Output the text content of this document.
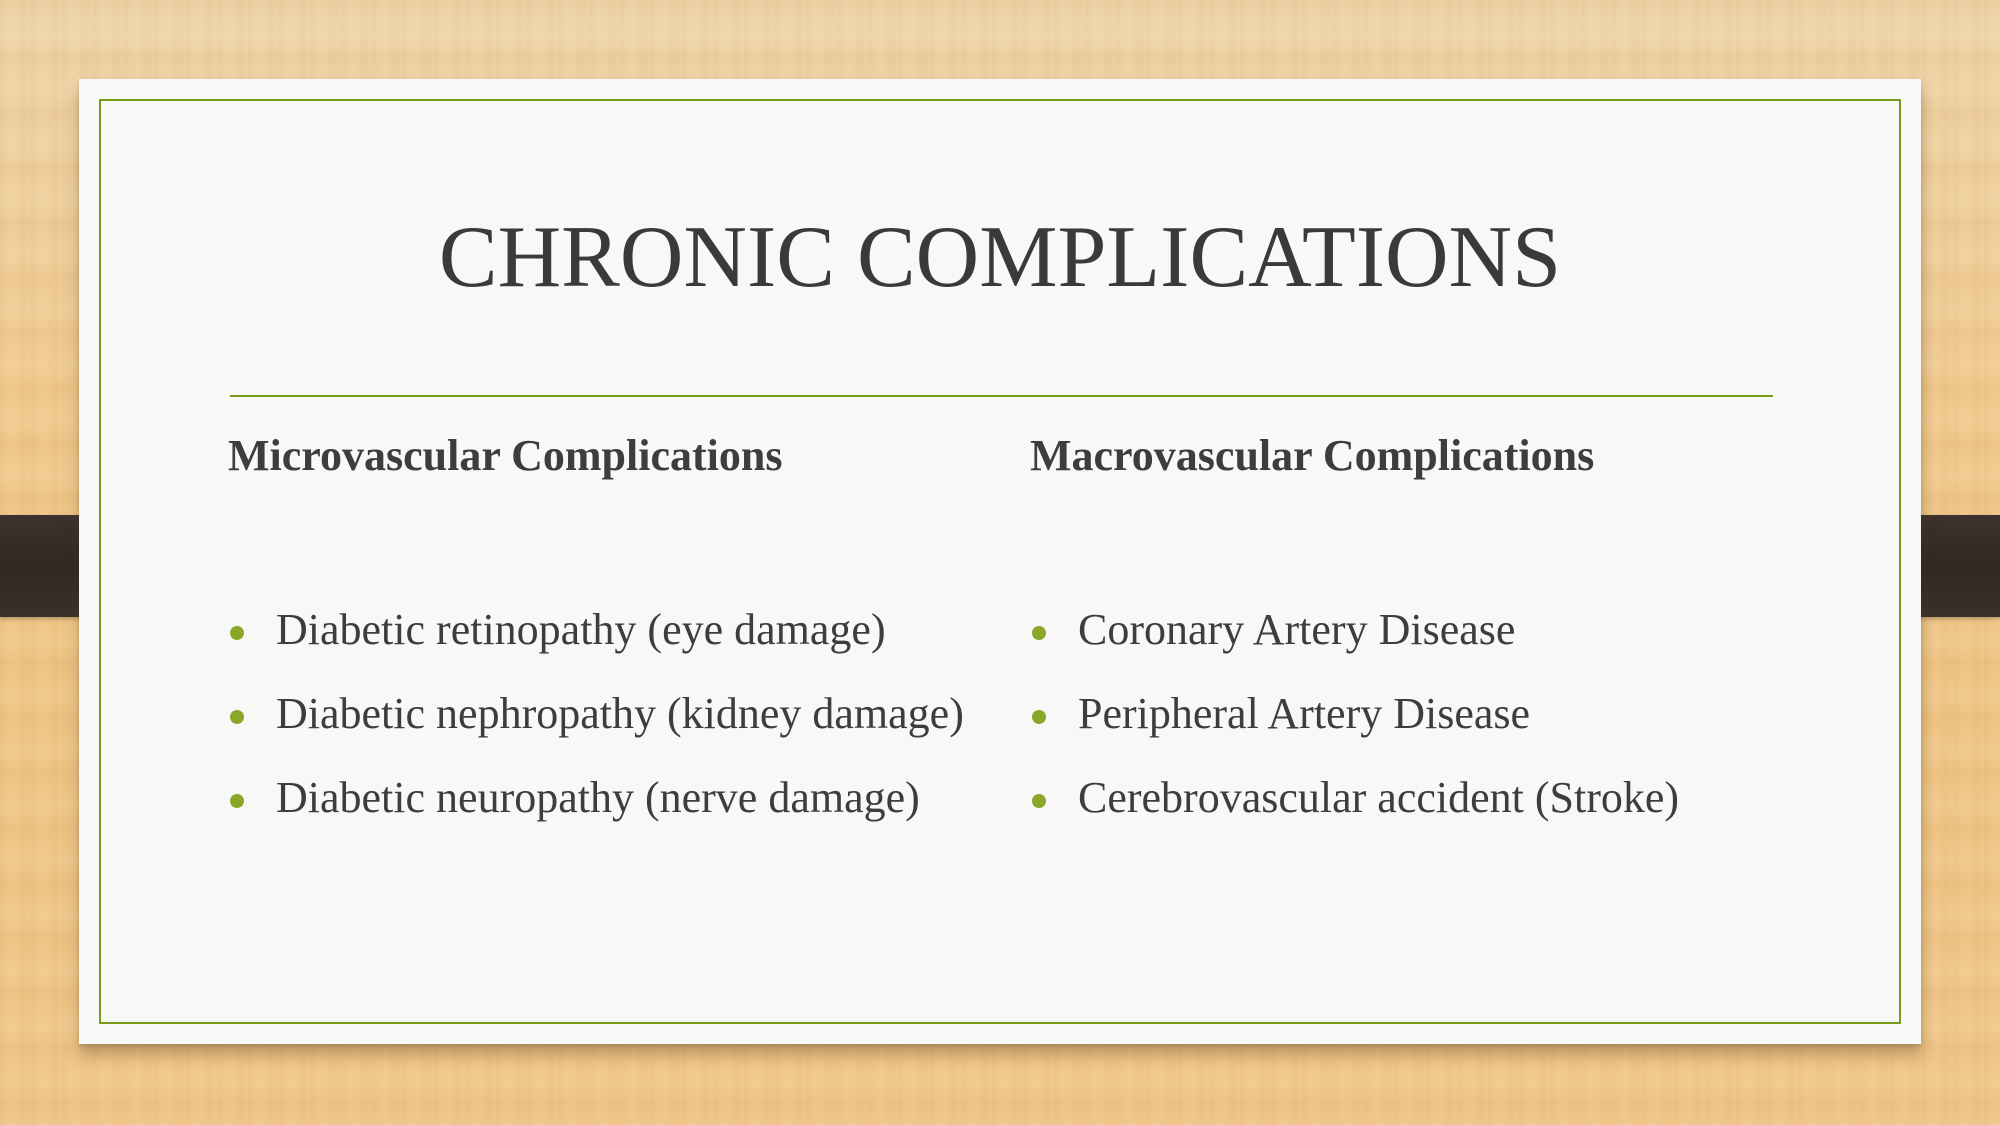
CHRONIC COMPLICATIONS
Microvascular Complications	Macrovascular Complications
Diabetic retinopathy (eye damage)
Diabetic nephropathy (kidney damage)
Diabetic neuropathy (nerve damage)
Coronary Artery Disease
Peripheral Artery Disease
Cerebrovascular accident (Stroke)
